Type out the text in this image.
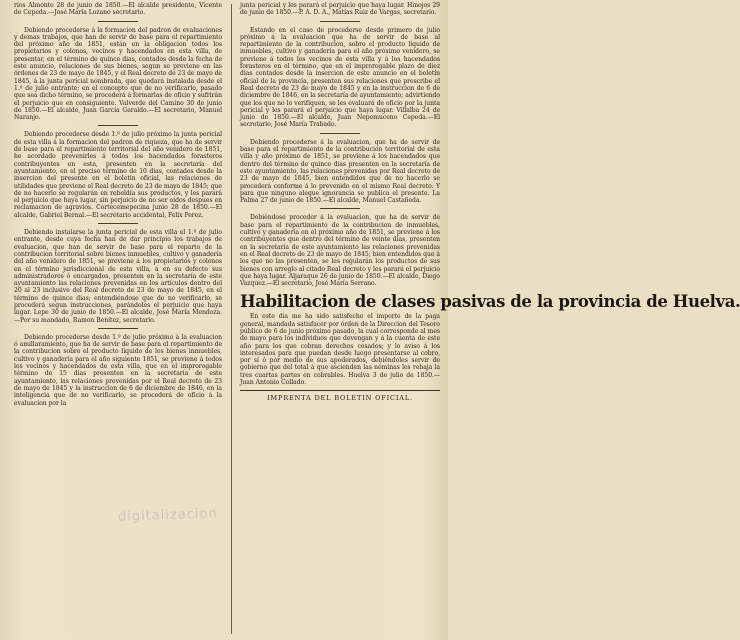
ríos Almonte 28 de junio de 1850.—El alcalde presidente, Vicente de Cepeda.—José María Lozano secretario.

Debiendo procederse á la formacion del padron de evaluaciones y demas trabajos, que han de servir de base para el repartimiento del próximo año de 1851, están en la obligacion todos los propietarios y colonos, vecinos y hacendados en esta villa, de presentar, en el término de quince dias, contados desde la fecha de este anuncio, relaciones de sus bienes, segun se previene en las órdenes de 23 de mayo de 1845, y el Real decreto de 23 de mayo de 1845, á la junta pericial nombrada, que quedará instalada desde el 1.º de julio entrante; en el concepto que de no verificarlo, pasado que sea dicho término, se procederá á formarlas de oficio y sufrirán el perjuicio que en consiguiente. Valverde del Camino 30 de junio de 1850.—El alcalde, Juan García Geraldo.—El secretario, Manuel Naranjo.

Debiendo procederse desde 1.º de julio próximo la junta pericial de esta villa á la formacion del padron de riqueza, que ha de servir de base para el repartimiento territorial del año venidero de 1851, he acordado prevenirles á todos los hacendados forasteros contribuyentes en esta, presenten en la secretaría del ayuntamiento, en el preciso término de 10 dias, contados desde la insercion del presente en el boletín oficial, las relaciones de utilidades que previene el Real decreto de 23 de mayo de 1845; que de no hacerlo se regularán en rebeldía sus productos, y les parará el perjuicio que haya lugar, sin perjuicio de no ser oidos despues en reclamacion de agravios. Cortecemepecina junio 28 de 1850.—El alcalde, Gabriel Bernal.—El secretario accidental, Felix Perez.

Debiendo instalarse la junta pericial de esta villa el 1.º de julio entrante, desde cuya fecha han de dar principio los trabajos de evaluacion, que han de servir de base para el reparto de la contribucion territorial sobre bienes inmuebles, cultivo y ganadería del año venidero de 1851, se previene á los propietarios y colonos en el término jurisdiccional de esta villa, á en su defecto sus administradores ó encargados, presenten en la secretaría de este ayuntamiento las relaciones prevenidas en los artículos dentro del 20 al 23 inclusive del Real decreto de 23 de mayo de 1845, en el término de quince dias; entendiéndose que de no verificarlo, se procederá segun instrucciones, parándoles el perjuicio que haya lugar. Lepe 30 de junio de 1850.—El alcalde, José María Mendoza.—Por su mandado, Ramon Benitez, secretario.

Debiendo procederse desde 1.º de julio próximo á la evaluacion ó amillaramiento, que ha de servir de base para el repartimiento de la contribucion sobre el producto líquido de los bienes inmuebles, cultivo y ganadería para el año siguiente 1851, se previene á todos los vecinos y hacendados de esta villa, que en el improrogable término de 15 dias presenten en la secretaría de este ayuntamiento, las relaciones prevenidas por el Real decreto de 23 de mayo de 1845 y la instruccion de 6 de diciembre de 1846, en la inteligencia que de no verificarlo, se procederá de oficio á la evaluacion por la

junta pericial y les parará el perjuicio que haya lugar. Hinojos 29 de junio de 1850.—P. A. D. A., Matías Ruiz de Vargas, secretario.

Estando en el caso de procederse desde primero de julio próximo á la evaluacion que ha de servir de base al repartimiento de la contribucion, sobre el producto líquido de inmuebles, cultivo y ganadería para el año próximo venidero, se previene á todos los vecinos de esta villa y á los hacendados forasteros en el término, que en el improrogable plazo de diez dias contados desde la insercion de este anuncio en el boletín oficial de la provincia, presenten sus relaciones que prescribe el Real decreto de 23 de mayo de 1845 y en la instruccion de 6 de diciembre de 1846, en la secretaría de ayuntamiento; advirtiendo que los que no lo verifiquen, se les evaluará de oficio por la junta pericial y les parará el perjuicio que haya lugar. Villalba 24 de junio de 1850.—El alcalde, Juan Nepomuceno Cepeda.—El secretario, José María Trabado.

Debiendo procederse á la evaluacion, que ha de servir de base para el repartimiento de la contribucion territorial de esta villa y año próximo de 1851, se previene á los hacendados que dentro del término de quince dias presenten en la secretaría de este ayuntamiento, las relaciones prevenidas por Real decreto de 23 de mayo de 1845, bien entendidos que de no hacerlo se procederá conforme á lo prevenido en el mismo Real decreto. Y para que ninguno alegue ignorancia se publica el presente. La Palma 27 de junio de 1850.—El alcalde, Manuel Castañeda.

Debiéndose proceder á la evaluacion, que ha de servir de base para el repartimiento de la contribucion de inmuebles, cultivo y ganadería en el próximo año de 1851, se previene á los contribuyentes que dentro del término de veinte dias, presenten en la secretaría de este ayuntamiento las relaciones prevenidas en el Real decreto de 23 de mayo de 1845; bien entendidos que á los que no las presenten, se les regularán los productos de sus bienes con arreglo al citado Real decreto y les parará el perjuicio que haya lugar. Aljaraque 26 de junio de 1850.—El alcalde, Diego Vazquez.—El secretario, José María Serrano.

Habilitacion de clases pasivas de la provincia de Huelva.

En este dia me ha sido satisfecho el importe de la paga general, mandada satisfacer por órden de la Direccion del Tesoro público de 6 de junio próximo pasado, la cual corresponde al mes de mayo para los individuos que devengan y á la cuenta de este año para los que cobran derechos cesados; y lo aviso á los interesados para que puedan desde luego presentarse al cobro, por sí ó por medio de sus apoderados, debiéndoles servir de gobierno que del total á que ascienden las nóminas les rebaja la tres cuartas partes en cobrables. Huelva 3 de julio de 1850.—Juan Antonio Collado.

IMPRENTA DEL BOLETIN OFICIAL.
digitalizacion
